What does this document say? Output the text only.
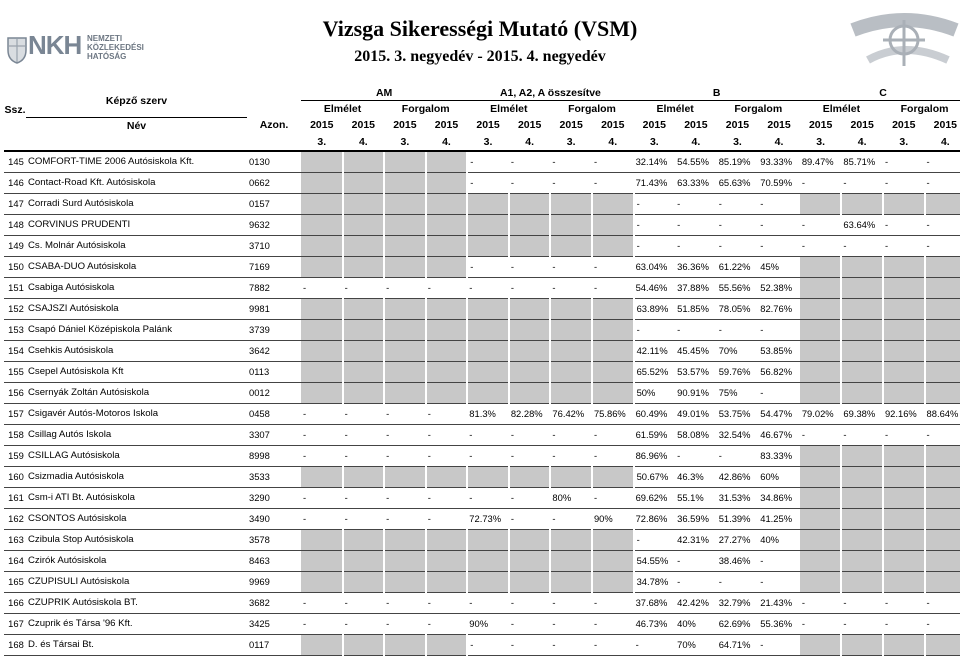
NKH NEMZETI
KÖZLEKEDÉSI
HATÓSÁG
Vizsga Sikerességi Mutató (VSM)
2015. 3. negyedév - 2015. 4. negyedév
Ssz.	Képző szerv		AM				A1, A2, A összesítve				B				C			
			Elmélet		Forgalom		Elmélet		Forgalom		Elmélet		Forgalom		Elmélet		Forgalom	
	Név	Azon.																
			2015	2015	2015	2015	2015	2015	2015	2015	2015	2015	2015	2015	2015	2015	2015	2015
			3.	4.	3.	4.	3.	4.	3.	4.	3.	4.	3.	4.	3.	4.	3.	4.
145	COMFORT-TIME 2006 Autósiskola Kft.	0130					-	-	-	-	32.14%	54.55%	85.19%	93.33%	89.47%	85.71%	-	-
146	Contact-Road Kft. Autósiskola	0662					-	-	-	-	71.43%	63.33%	65.63%	70.59%	-	-	-	-
147	Corradi Surd Autósiskola	0157									-	-	-	-				
148	CORVINUS PRUDENTI	9632									-	-	-	-	-	63.64%	-	-
149	Cs. Molnár Autósiskola	3710									-	-	-	-	-	-	-	-
150	CSABA-DUO Autósiskola	7169					-	-	-	-	63.04%	36.36%	61.22%	45%				
151	Csabiga Autósiskola	7882	-	-	-	-	-	-	-	-	54.46%	37.88%	55.56%	52.38%				
152	CSAJSZI Autósiskola	9981									63.89%	51.85%	78.05%	82.76%				
153	Csapó Dániel Középiskola Palánk	3739									-	-	-	-				
154	Csehkis Autósiskola	3642									42.11%	45.45%	70%	53.85%				
155	Csepel Autósiskola Kft	0113									65.52%	53.57%	59.76%	56.82%				
156	Csernyák Zoltán Autósiskola	0012									50%	90.91%	75%	-				
157	Csigavér Autós-Motoros Iskola	0458	-	-	-	-	81.3%	82.28%	76.42%	75.86%	60.49%	49.01%	53.75%	54.47%	79.02%	69.38%	92.16%	88.64%
158	Csillag Autós Iskola	3307	-	-	-	-	-	-	-	-	61.59%	58.08%	32.54%	46.67%	-	-	-	-
159	CSILLAG Autósiskola	8998	-	-	-	-	-	-	-	-	86.96%	-	-	83.33%				
160	Csizmadia Autósiskola	3533									50.67%	46.3%	42.86%	60%				
161	Csm-i ATI Bt. Autósiskola	3290	-	-	-	-	-	-	80%	-	69.62%	55.1%	31.53%	34.86%				
162	CSONTOS Autósiskola	3490	-	-	-	-	72.73%	-	-	90%	72.86%	36.59%	51.39%	41.25%				
163	Czibula Stop Autósiskola	3578									-	42.31%	27.27%	40%				
164	Czirók Autósiskola	8463									54.55%	-	38.46%	-				
165	CZUPISULI Autósiskola	9969									34.78%	-	-	-				
166	CZUPRIK Autósiskola BT.	3682	-	-	-	-	-	-	-	-	37.68%	42.42%	32.79%	21.43%	-	-	-	-
167	Czuprik és Társa '96 Kft.	3425	-	-	-	-	90%	-	-	-	46.73%	40%	62.69%	55.36%	-	-	-	-
168	D. és Társai Bt.	0117					-	-	-	-	-	70%	64.71%	-				
